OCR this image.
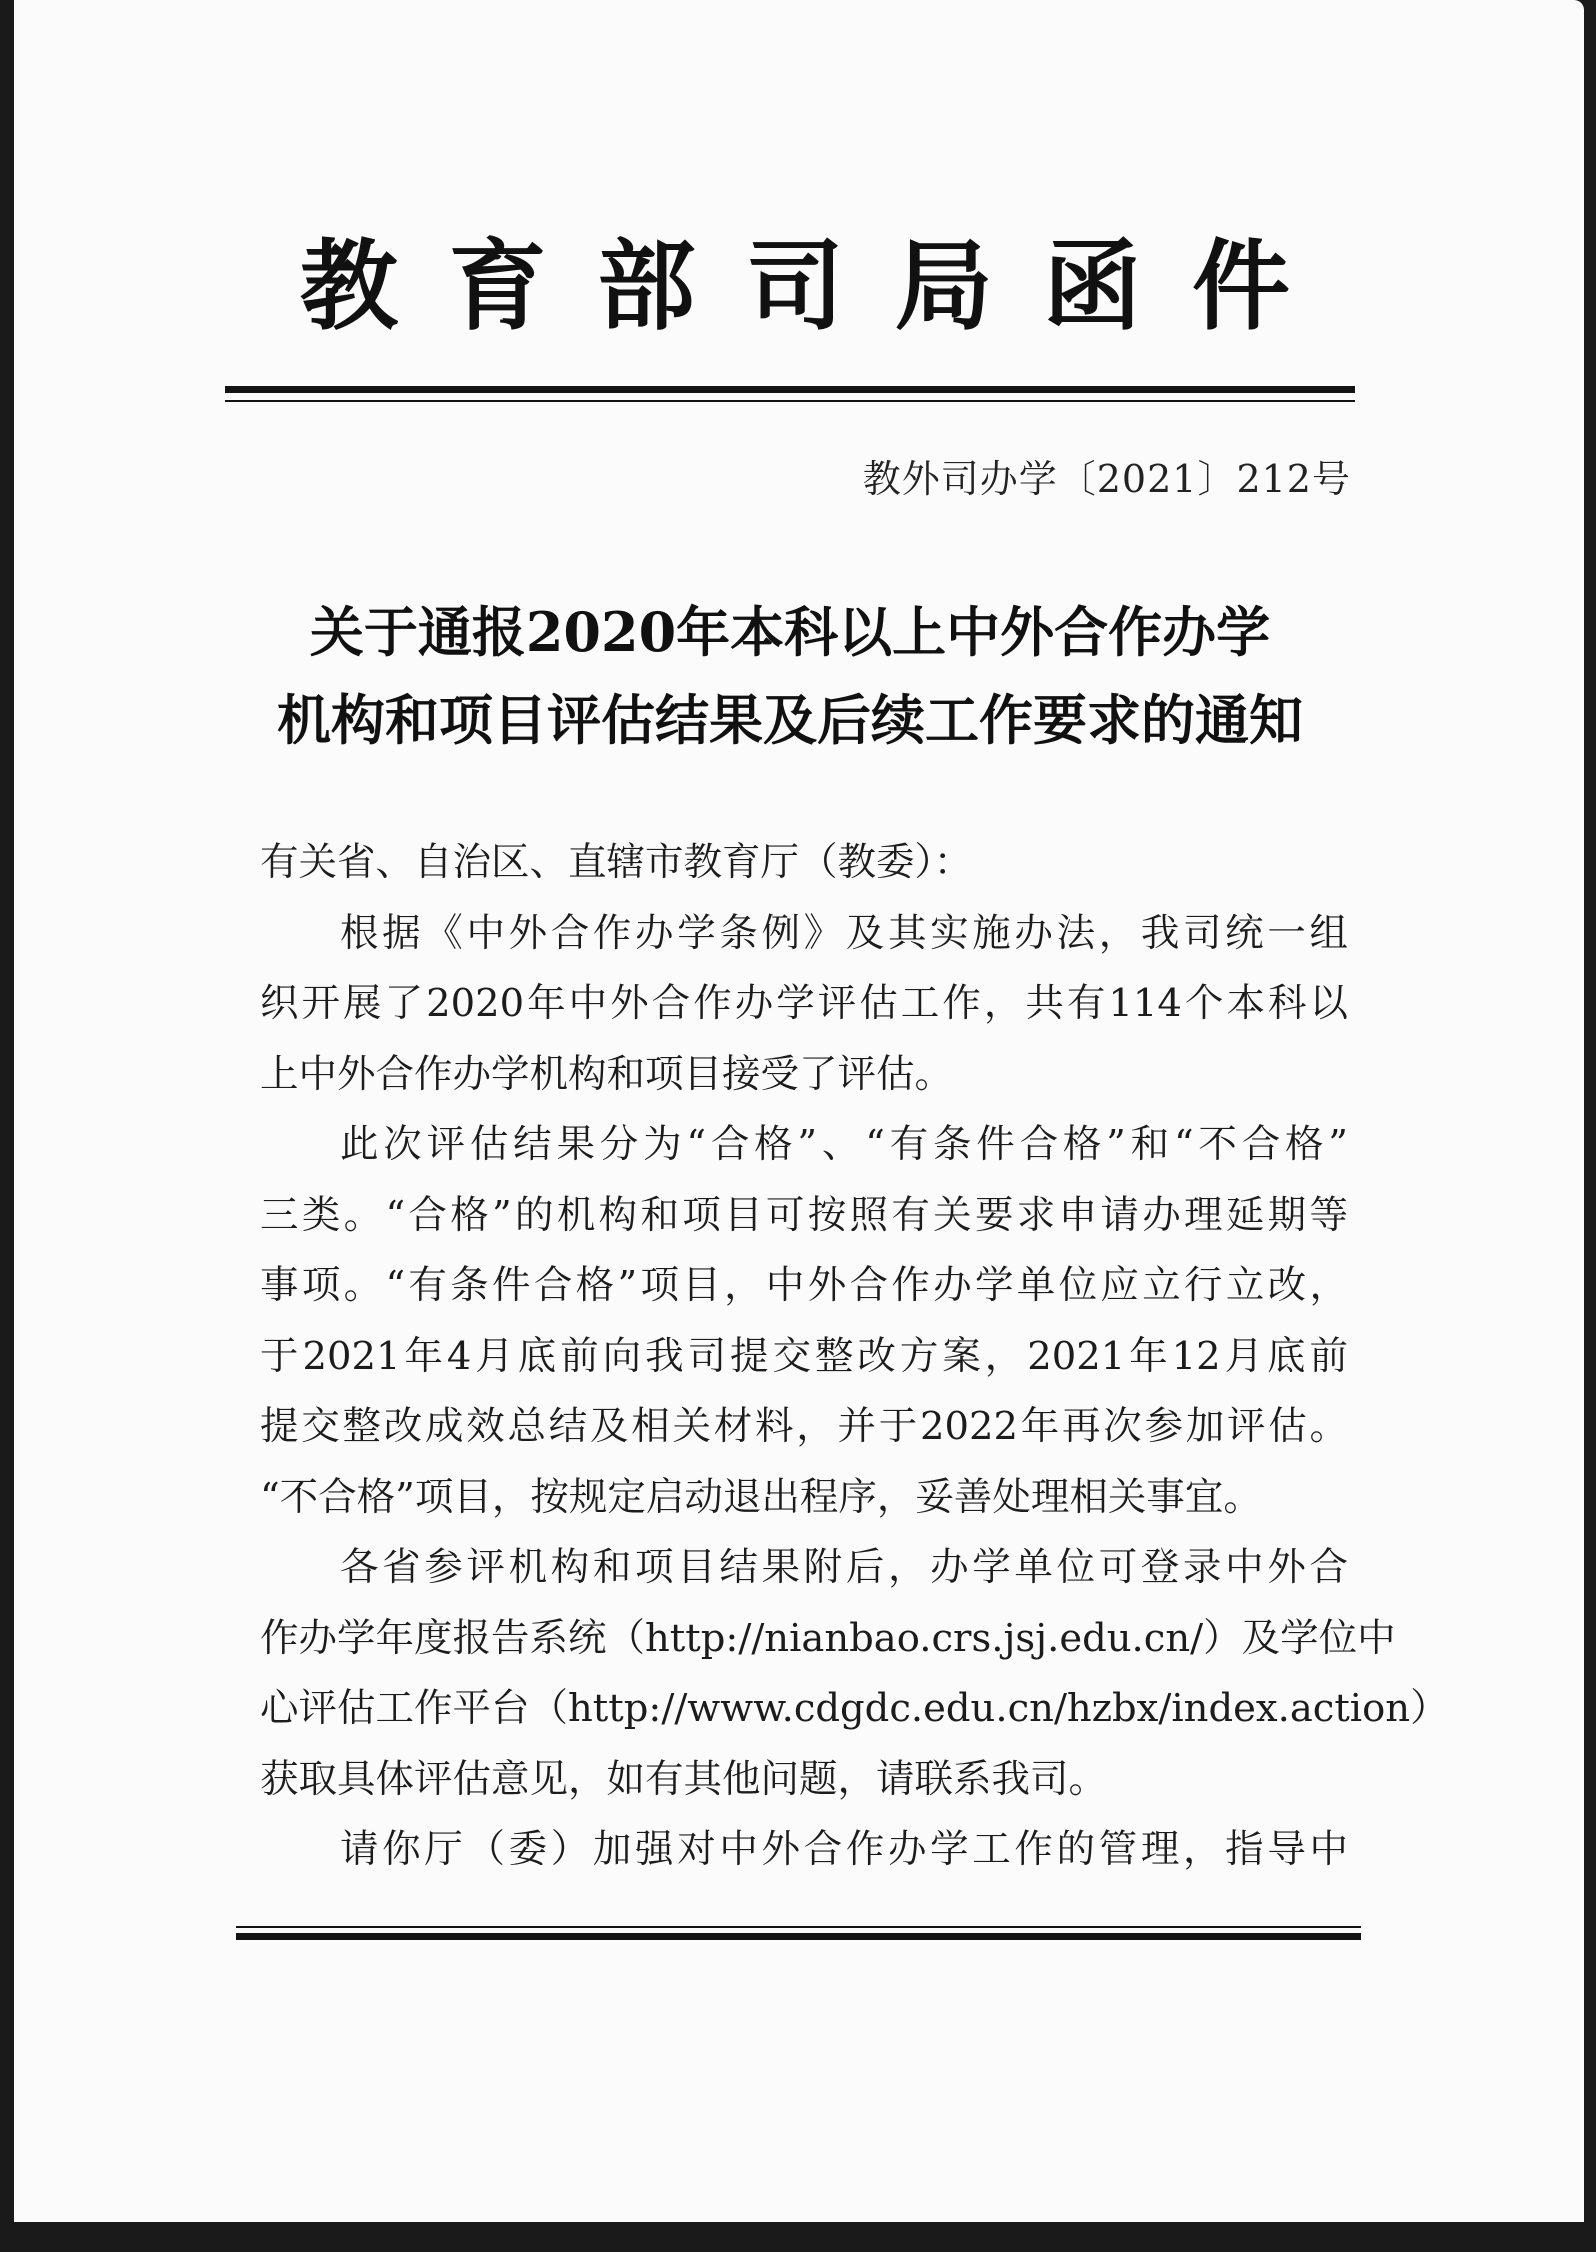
教 育 部 司 局 函 件
教外司办学〔2021〕212号
关于通报2020年本科以上中外合作办学
机构和项目评估结果及后续工作要求的通知
有关省、自治区、直辖市教育厅（教委）：
根据《中外合作办学条例》及其实施办法，我司统一组
织开展了2020年中外合作办学评估工作，共有114个本科以
上中外合作办学机构和项目接受了评估。
此次评估结果分为“合格”、“有条件合格”和“不合格”
三类。“合格”的机构和项目可按照有关要求申请办理延期等
事项。“有条件合格”项目，中外合作办学单位应立行立改，
于2021年4月底前向我司提交整改方案，2021年12月底前
提交整改成效总结及相关材料，并于2022年再次参加评估。
“不合格”项目，按规定启动退出程序，妥善处理相关事宜。
各省参评机构和项目结果附后，办学单位可登录中外合
作办学年度报告系统（http://nianbao.crs.jsj.edu.cn/）及学位中
心评估工作平台（http://www.cdgdc.edu.cn/hzbx/index.action）
获取具体评估意见，如有其他问题，请联系我司。
请你厅（委）加强对中外合作办学工作的管理，指导中
